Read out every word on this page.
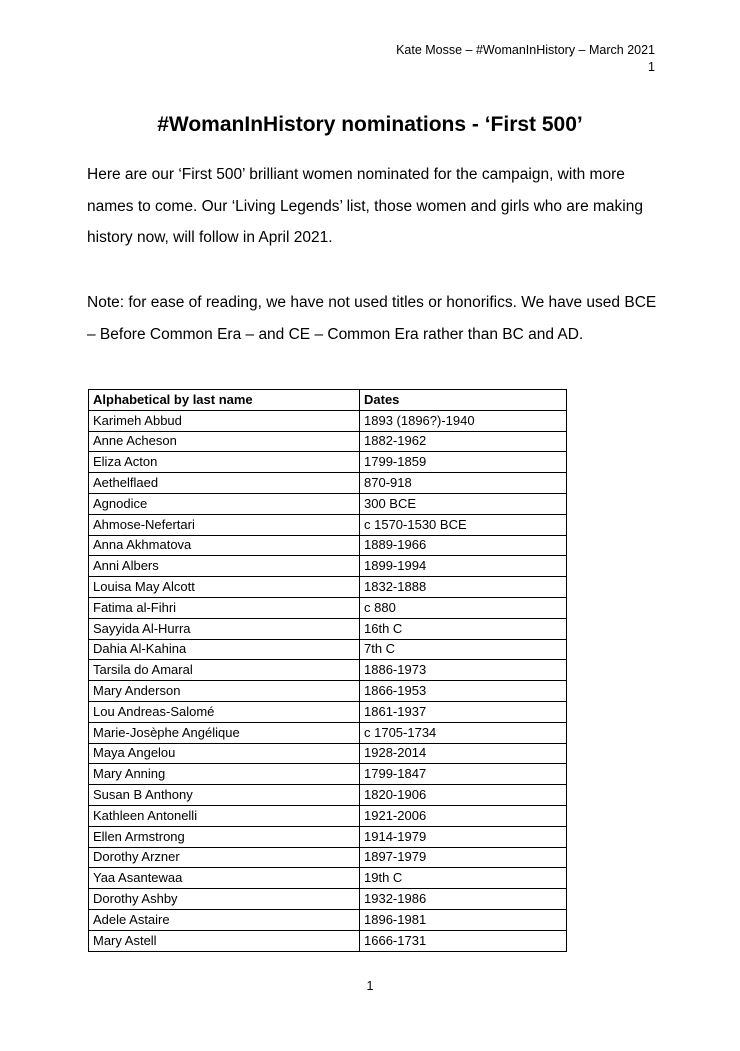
Kate Mosse – #WomanInHistory – March 2021
1
#WomanInHistory nominations - ‘First 500’

Here are our ‘First 500’ brilliant women nominated for the campaign, with more names to come. Our ‘Living Legends’ list, those women and girls who are making history now, will follow in April 2021.

Note: for ease of reading, we have not used titles or honorifics. We have used BCE – Before Common Era – and CE – Common Era rather than BC and AD.

Alphabetical by last name	Dates
Karimeh Abbud	1893 (1896?)-1940
Anne Acheson	1882-1962
Eliza Acton	1799-1859
Aethelflaed	870-918
Agnodice	300 BCE
Ahmose-Nefertari	c 1570-1530 BCE
Anna Akhmatova	1889-1966
Anni Albers	1899-1994
Louisa May Alcott	1832-1888
Fatima al-Fihri	c 880
Sayyida Al-Hurra	16th C
Dahia Al-Kahina	7th C
Tarsila do Amaral	1886-1973
Mary Anderson	1866-1953
Lou Andreas-Salomé	1861-1937
Marie-Josèphe Angélique	c 1705-1734
Maya Angelou	1928-2014
Mary Anning	1799-1847
Susan B Anthony	1820-1906
Kathleen Antonelli	1921-2006
Ellen Armstrong	1914-1979
Dorothy Arzner	1897-1979
Yaa Asantewaa	19th C
Dorothy Ashby	1932-1986
Adele Astaire	1896-1981
Mary Astell	1666-1731
1
